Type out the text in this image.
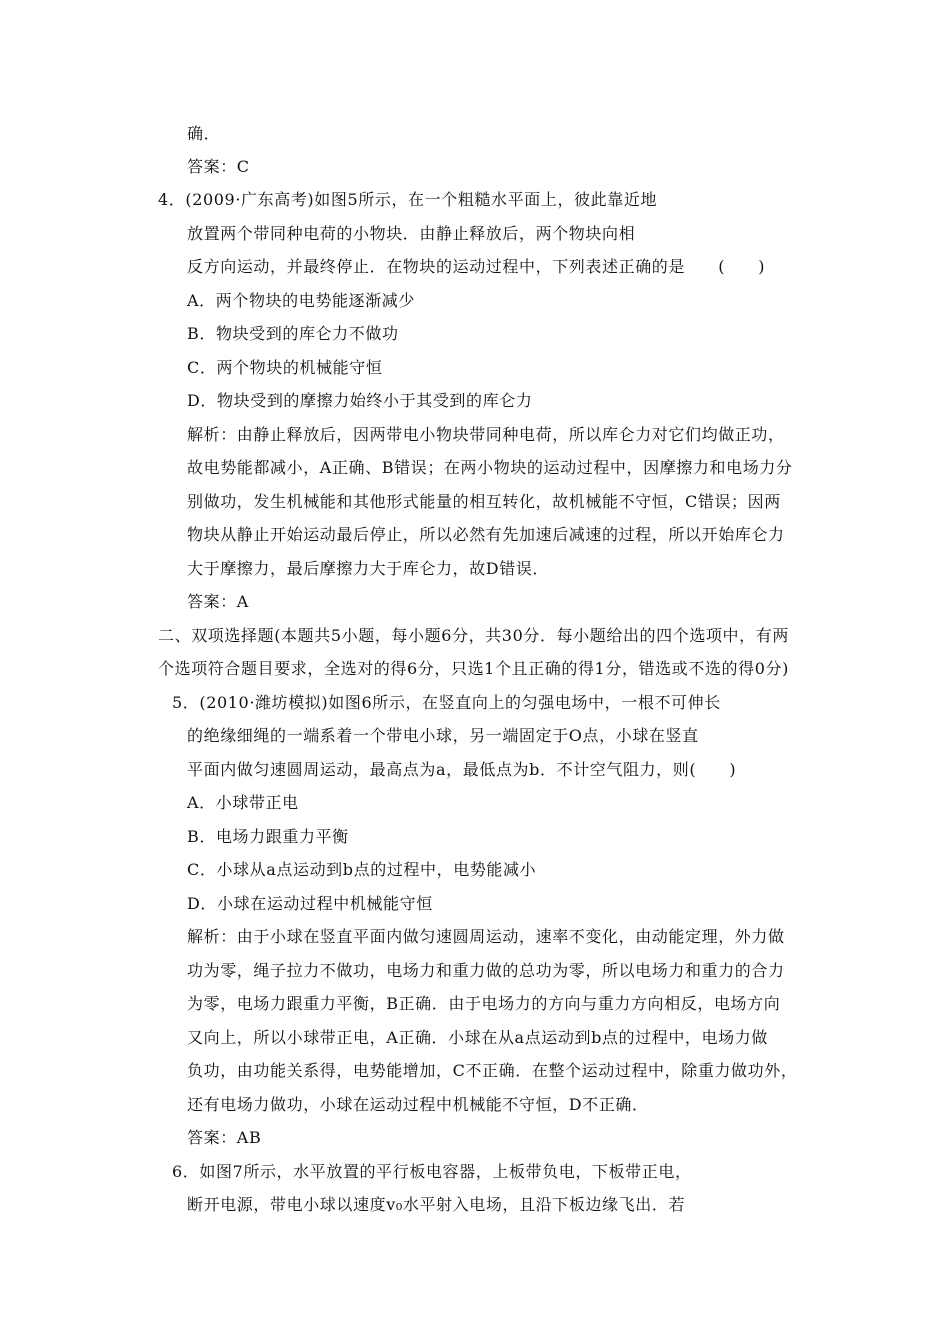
确．
答案：C
4．(2009·广东高考)如图5所示，在一个粗糙水平面上，彼此靠近地
放置两个带同种电荷的小物块．由静止释放后，两个物块向相
反方向运动，并最终停止．在物块的运动过程中，下列表述正确的是　　(　　)
A．两个物块的电势能逐渐减少
B．物块受到的库仑力不做功
C．两个物块的机械能守恒
D．物块受到的摩擦力始终小于其受到的库仑力
解析：由静止释放后，因两带电小物块带同种电荷，所以库仑力对它们均做正功，
故电势能都减小，A正确、B错误；在两小物块的运动过程中，因摩擦力和电场力分
别做功，发生机械能和其他形式能量的相互转化，故机械能不守恒，C错误；因两
物块从静止开始运动最后停止，所以必然有先加速后减速的过程，所以开始库仑力
大于摩擦力，最后摩擦力大于库仑力，故D错误．
答案：A
二、双项选择题(本题共5小题，每小题6分，共30分．每小题给出的四个选项中，有两
个选项符合题目要求，全选对的得6分，只选1个且正确的得1分，错选或不选的得0分)
5．(2010·潍坊模拟)如图6所示，在竖直向上的匀强电场中，一根不可伸长
的绝缘细绳的一端系着一个带电小球，另一端固定于O点，小球在竖直
平面内做匀速圆周运动，最高点为a，最低点为b．不计空气阻力，则(　　)
A．小球带正电
B．电场力跟重力平衡
C．小球从a点运动到b点的过程中，电势能减小
D．小球在运动过程中机械能守恒
解析：由于小球在竖直平面内做匀速圆周运动，速率不变化，由动能定理，外力做
功为零，绳子拉力不做功，电场力和重力做的总功为零，所以电场力和重力的合力
为零，电场力跟重力平衡，B正确．由于电场力的方向与重力方向相反，电场方向
又向上，所以小球带正电，A正确．小球在从a点运动到b点的过程中，电场力做
负功，由功能关系得，电势能增加，C不正确．在整个运动过程中，除重力做功外，
还有电场力做功，小球在运动过程中机械能不守恒，D不正确．
答案：AB
6．如图7所示，水平放置的平行板电容器，上板带负电，下板带正电，
断开电源，带电小球以速度v₀水平射入电场，且沿下板边缘飞出．若
